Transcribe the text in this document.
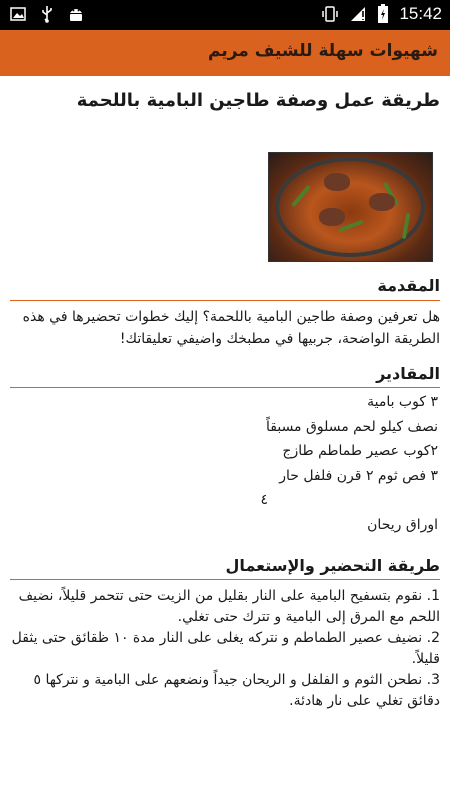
15:42
شهيوات سهلة للشيف مريم
طريقة عمل وصفة طاجين البامية باللحمة
المقدمة

هل تعرفين وصفة طاجين البامية باللحمة؟ إليك خطوات تحضيرها في هذه الطريقة الواضحة، جربيها في مطبخك واضيفي تعليقاتك!

المقادير
٣ كوب بامية
نصف كيلو لحم مسلوق مسبقاً
٢كوب عصير طماطم طازج
٣ فص ثوم ٢ قرن فلفل حار
٤
اوراق ريحان
طريقة التحضير والإستعمال
1. نقوم بتسفيح البامية على النار بقليل من الزيت حتى تتحمر قليلاً، نضيف اللحم مع المرق إلى البامية و تترك حتى تغلي.
2. نضيف عصير الطماطم و نتركه يغلى على النار مدة ١٠ ظقائق حتى يثقل قليلاً.
3. نطحن الثوم و الفلفل و الريحان جيداً ونضعهم على البامية و نتركها ٥ دقائق تغلي على نار هادئة.
